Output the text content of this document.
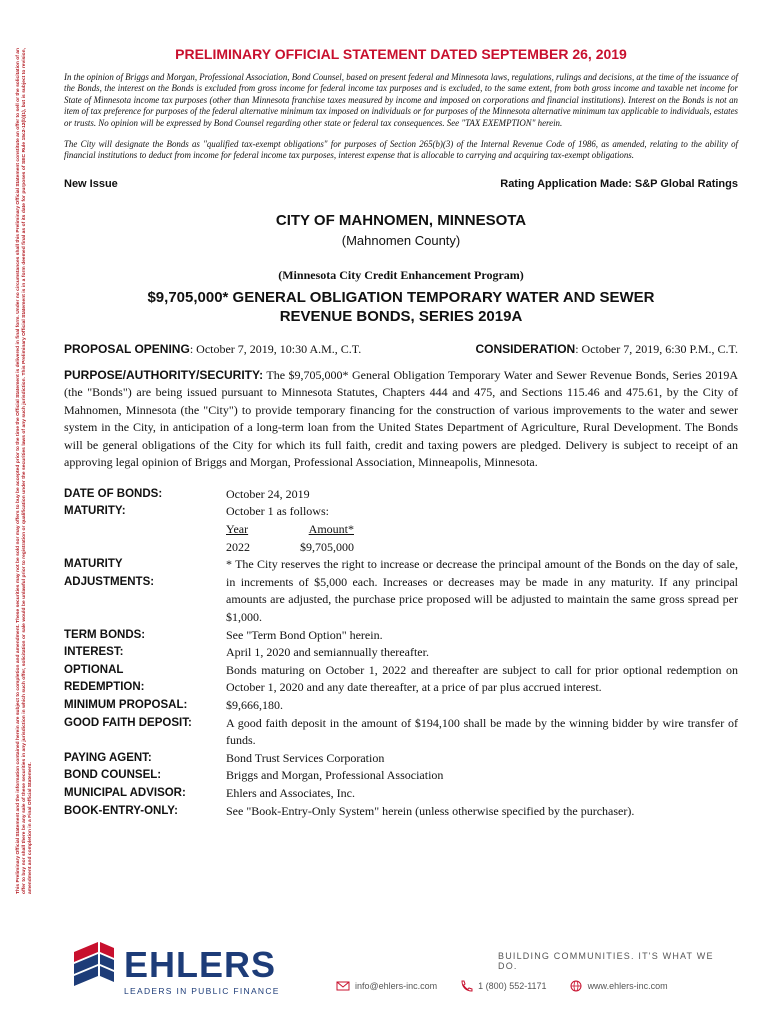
This Preliminary Official Statement and the information contained herein are subject to completion and amendment. These securities may not be sold nor may offers to buy be accepted prior to the time the Official Statement is delivered in final form. Under no circumstances shall this Preliminary Official Statement constitute an offer to sell or the solicitation of an offer to buy nor shall there be any sale of these securities in any jurisdiction in which such offer, solicitation or sale would be unlawful prior to registration or qualification under the securities laws of any such jurisdiction. This Preliminary Official Statement is in a form deemed final as of its date for purposes of SEC Rule 15c2-12(b)(1), but is subject to revision, amendment and completion in a Final Official Statement.
PRELIMINARY OFFICIAL STATEMENT DATED SEPTEMBER 26, 2019

In the opinion of Briggs and Morgan, Professional Association, Bond Counsel, based on present federal and Minnesota laws, regulations, rulings and decisions, at the time of the issuance of the Bonds, the interest on the Bonds is excluded from gross income for federal income tax purposes and is excluded, to the same extent, from both gross income and taxable net income for State of Minnesota income tax purposes (other than Minnesota franchise taxes measured by income and imposed on corporations and financial institutions). Interest on the Bonds is not an item of tax preference for purposes of the federal alternative minimum tax imposed on individuals or for purposes of the Minnesota alternative minimum tax applicable to individuals, estates or trusts. No opinion will be expressed by Bond Counsel regarding other state or federal tax consequences. See "TAX EXEMPTION" herein.

The City will designate the Bonds as "qualified tax-exempt obligations" for purposes of Section 265(b)(3) of the Internal Revenue Code of 1986, as amended, relating to the ability of financial institutions to deduct from income for federal income tax purposes, interest expense that is allocable to carrying and acquiring tax-exempt obligations.

New Issue	Rating Application Made: S&P Global Ratings
CITY OF MAHNOMEN, MINNESOTA
(Mahnomen County)
(Minnesota City Credit Enhancement Program)
$9,705,000* GENERAL OBLIGATION TEMPORARY WATER AND SEWER
REVENUE BONDS, SERIES 2019A
PROPOSAL OPENING: October 7, 2019, 10:30 A.M., C.T.	CONSIDERATION: October 7, 2019, 6:30 P.M., C.T.
PURPOSE/AUTHORITY/SECURITY: The $9,705,000* General Obligation Temporary Water and Sewer Revenue Bonds, Series 2019A (the "Bonds") are being issued pursuant to Minnesota Statutes, Chapters 444 and 475, and Sections 115.46 and 475.61, by the City of Mahnomen, Minnesota (the "City") to provide temporary financing for the construction of various improvements to the water and sewer system in the City, in anticipation of a long-term loan from the United States Department of Agriculture, Rural Development. The Bonds will be general obligations of the City for which its full faith, credit and taxing powers are pledged. Delivery is subject to receipt of an approving legal opinion of Briggs and Morgan, Professional Association, Minneapolis, Minnesota.
DATE OF BONDS:	October 24, 2019
MATURITY:	October 1 as follows:
Year	Amount*
2022	$9,705,000
MATURITY
ADJUSTMENTS:
* The City reserves the right to increase or decrease the principal amount of the Bonds on the day of sale, in increments of $5,000 each. Increases or decreases may be made in any maturity. If any principal amounts are adjusted, the purchase price proposed will be adjusted to maintain the same gross spread per $1,000.
TERM BONDS:	See "Term Bond Option" herein.
INTEREST:	April 1, 2020 and semiannually thereafter.
OPTIONAL
REDEMPTION:
Bonds maturing on October 1, 2022 and thereafter are subject to call for prior optional redemption on October 1, 2020 and any date thereafter, at a price of par plus accrued interest.
MINIMUM PROPOSAL:	$9,666,180.
GOOD FAITH DEPOSIT:	A good faith deposit in the amount of $194,100 shall be made by the winning bidder by wire transfer of funds.
PAYING AGENT:	Bond Trust Services Corporation
BOND COUNSEL:	Briggs and Morgan, Professional Association
MUNICIPAL ADVISOR:	Ehlers and Associates, Inc.
BOOK-ENTRY-ONLY:	See "Book-Entry-Only System" herein (unless otherwise specified by the purchaser).
EHLERS
LEADERS IN PUBLIC FINANCE
BUILDING COMMUNITIES. IT'S WHAT WE DO.
info@ehlers-inc.com	1 (800) 552-1171	www.ehlers-inc.com
